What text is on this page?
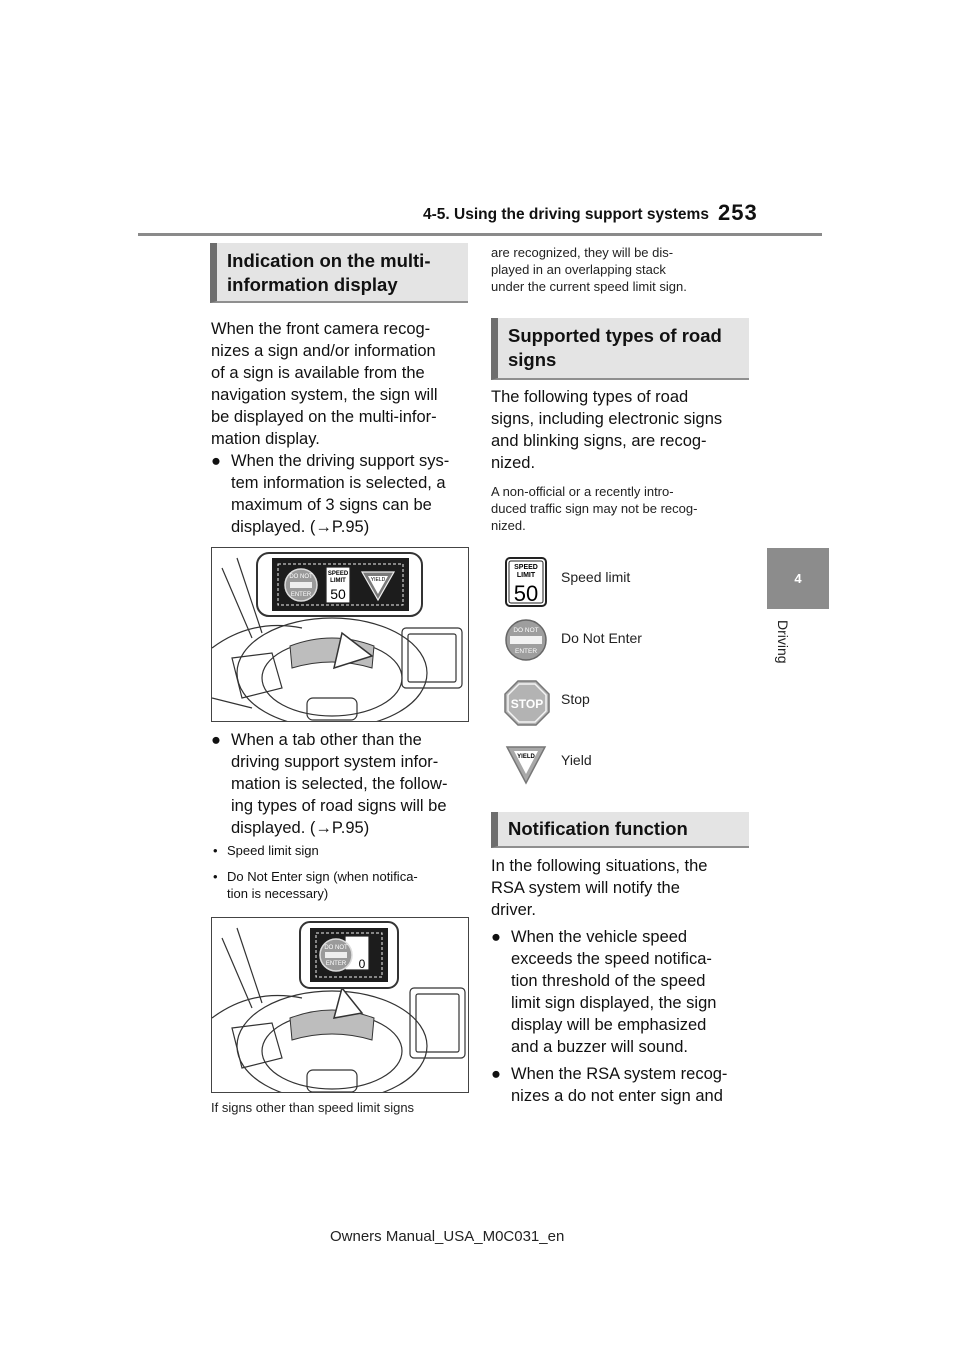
4-5. Using the driving support systems 253
4
Driving
Indication on the multi-
information display
When the front camera recog-
nizes a sign and/or information
of a sign is available from the
navigation system, the sign will
be displayed on the multi-infor-
mation display.
● When the driving support sys-
tem information is selected, a
maximum of 3 signs can be
displayed. (→P.95)
DO NOT
ENTER
SPEED
LIMIT
50
YIELD
● When a tab other than the
driving support system infor-
mation is selected, the follow-
ing types of road signs will be
displayed. (→P.95)
• Speed limit sign
• Do Not Enter sign (when notifica-
tion is necessary)
0
DO NOT
ENTER
If signs other than speed limit signs
are recognized, they will be dis-
played in an overlapping stack
under the current speed limit sign.
Supported types of road
signs
The following types of road
signs, including electronic signs
and blinking signs, are recog-
nized.
A non-official or a recently intro-
duced traffic sign may not be recog-
nized.
SPEED
LIMIT
50
Speed limit
DO NOT
ENTER
Do Not Enter
STOP Stop
YIELD Yield
Notification function
In the following situations, the
RSA system will notify the
driver.
● When the vehicle speed
exceeds the speed notifica-
tion threshold of the speed
limit sign displayed, the sign
display will be emphasized
and a buzzer will sound.
● When the RSA system recog-
nizes a do not enter sign and
Owners Manual_USA_M0C031_en
